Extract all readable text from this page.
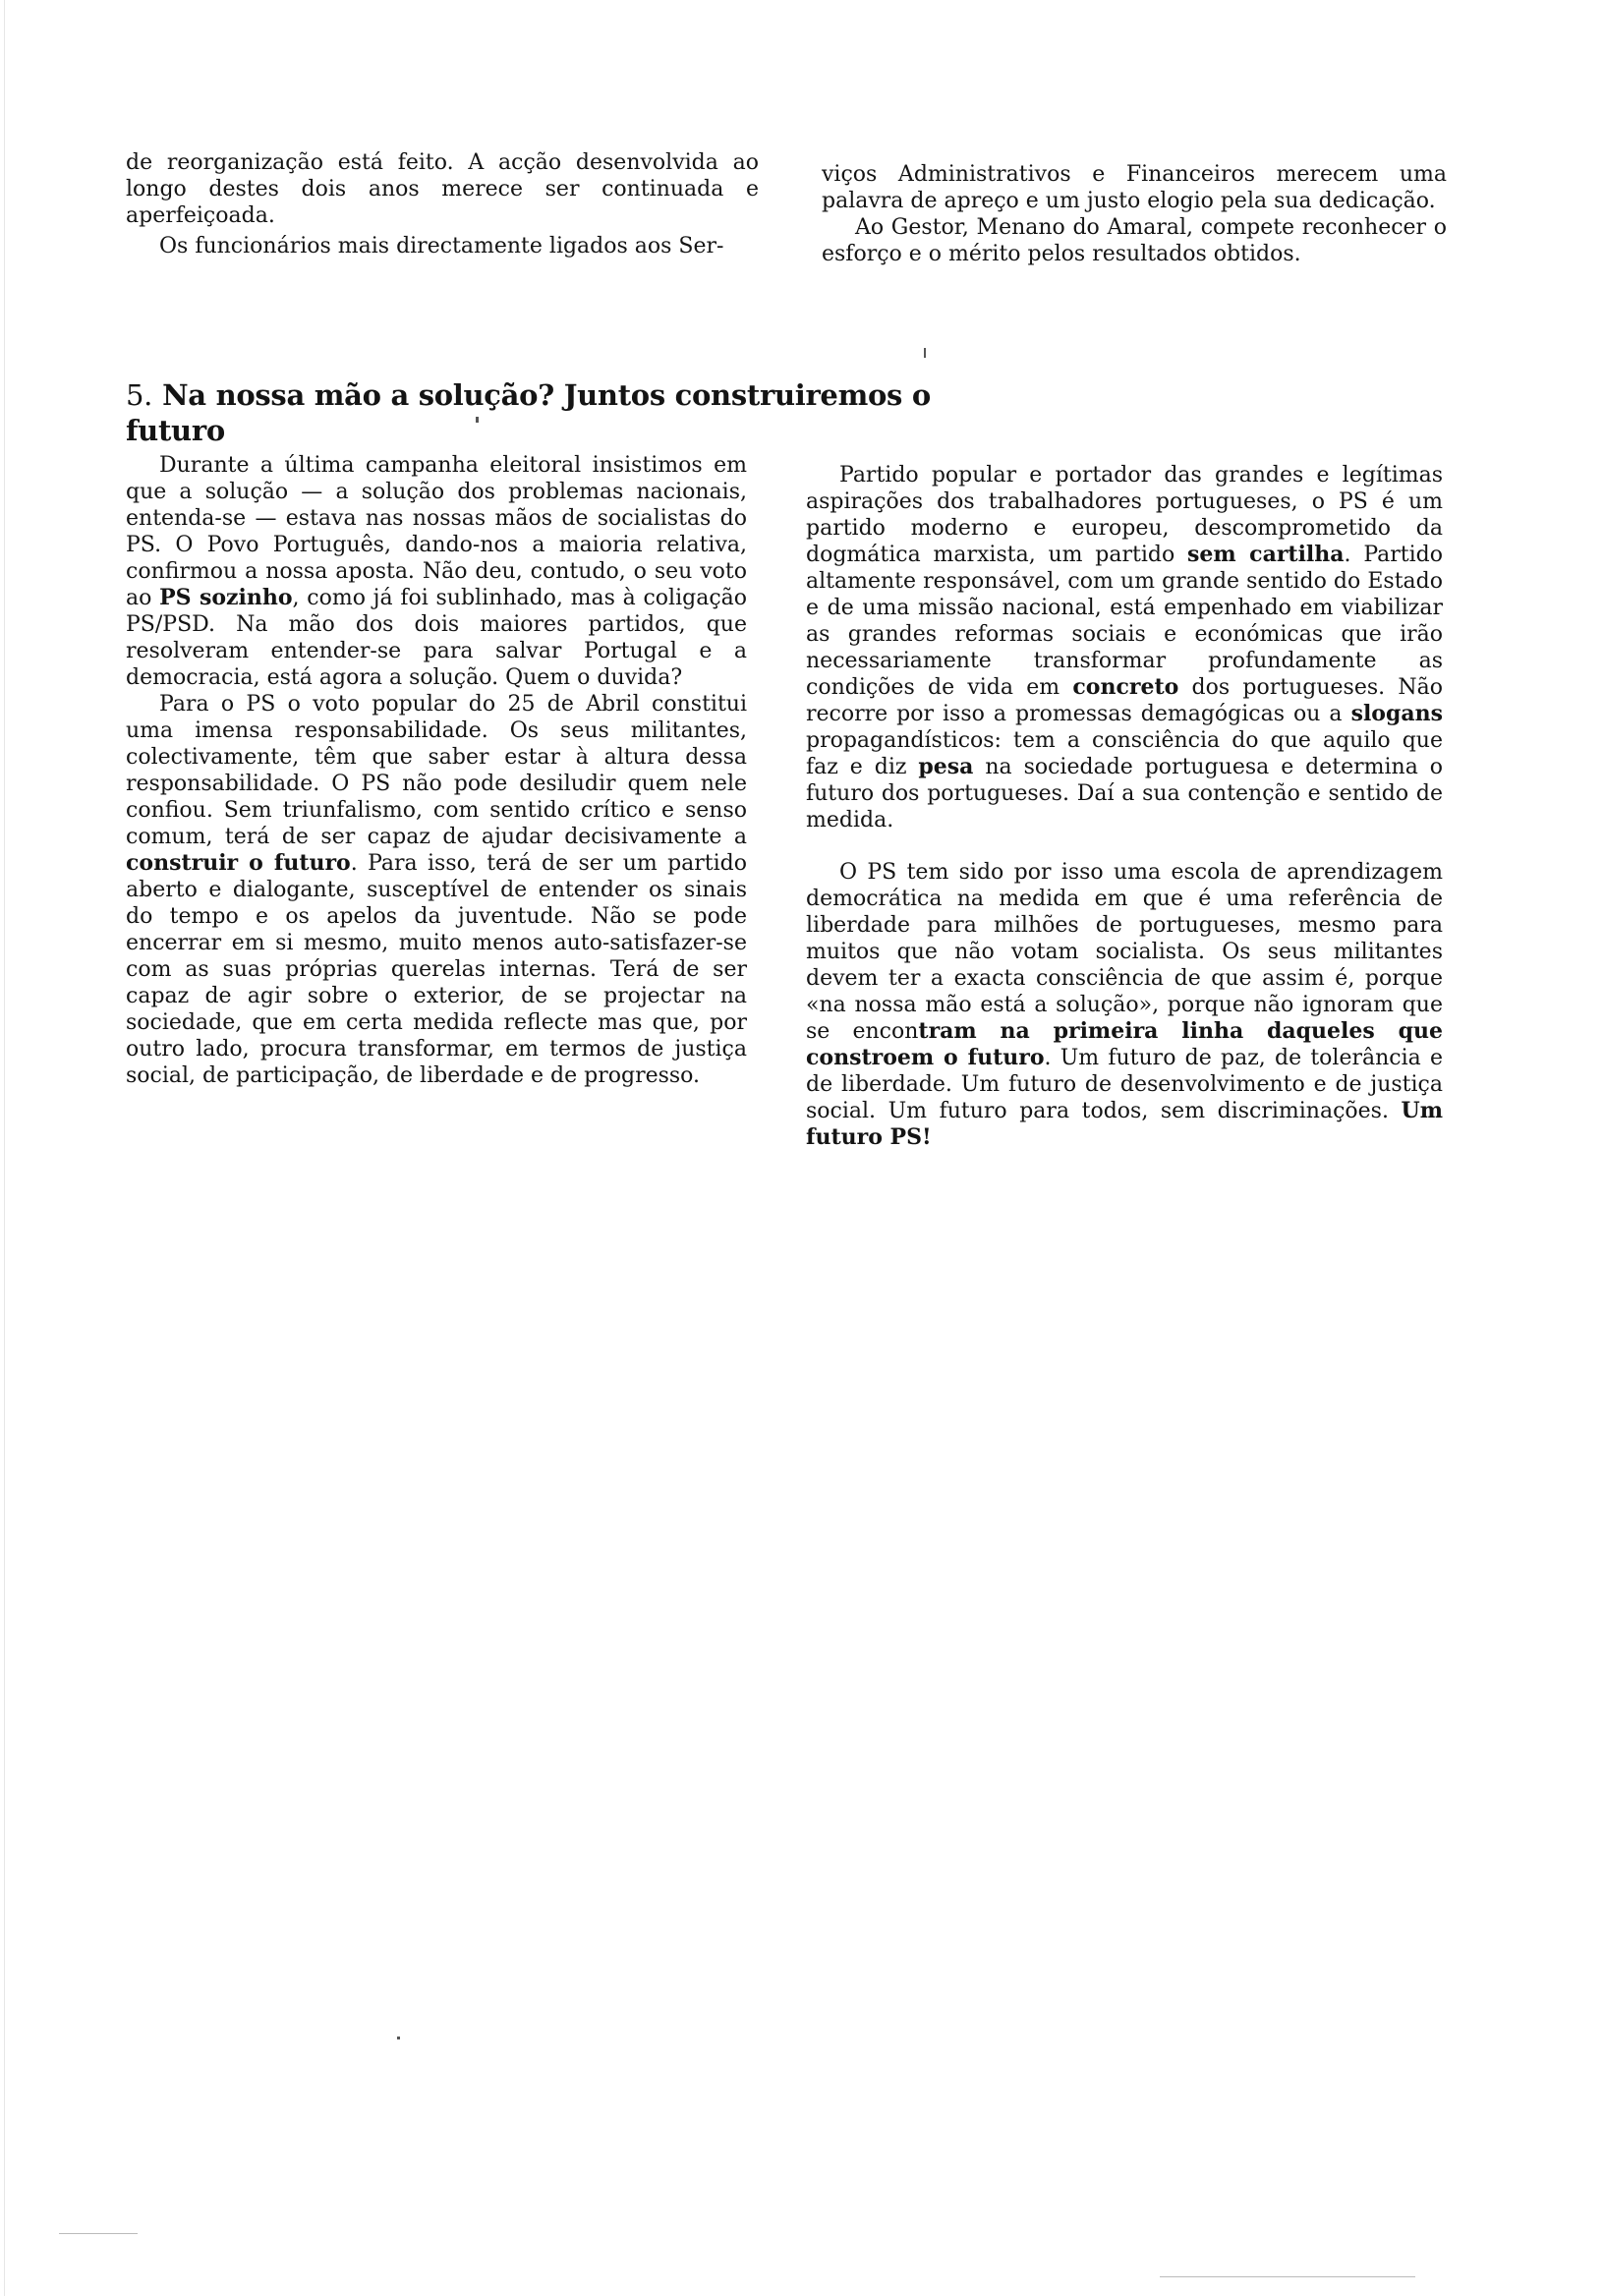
de reorganização está feito. A acção desenvolvida ao longo destes dois anos merece ser continuada e aperfeiçoada.

Os funcionários mais directamente ligados aos Ser-

viços Administrativos e Financeiros merecem uma palavra de apreço e um justo elogio pela sua dedicação.

Ao Gestor, Menano do Amaral, compete reconhecer o esforço e o mérito pelos resultados obtidos.

5. Na nossa mão a solução? Juntos construiremos o futuro

Durante a última campanha eleitoral insistimos em que a solução — a solução dos problemas nacionais, entenda-se — estava nas nossas mãos de socialistas do PS. O Povo Português, dando-nos a maioria relativa, confirmou a nossa aposta. Não deu, contudo, o seu voto ao PS sozinho, como já foi sublinhado, mas à coligação PS/PSD. Na mão dos dois maiores partidos, que resolveram entender-se para salvar Portugal e a democracia, está agora a solução. Quem o duvida?

Para o PS o voto popular do 25 de Abril constitui uma imensa responsabilidade. Os seus militantes, colectivamente, têm que saber estar à altura dessa responsabilidade. O PS não pode desiludir quem nele confiou. Sem triunfalismo, com sentido crítico e senso comum, terá de ser capaz de ajudar decisivamente a construir o futuro. Para isso, terá de ser um partido aberto e dialogante, susceptível de entender os sinais do tempo e os apelos da juventude. Não se pode encerrar em si mesmo, muito menos auto-satisfazer-se com as suas próprias querelas internas. Terá de ser capaz de agir sobre o exterior, de se projectar na sociedade, que em certa medida reflecte mas que, por outro lado, procura transformar, em termos de justiça social, de participação, de liberdade e de progresso.

Partido popular e portador das grandes e legítimas aspirações dos trabalhadores portugueses, o PS é um partido moderno e europeu, descomprometido da dogmática marxista, um partido sem cartilha. Partido altamente responsável, com um grande sentido do Estado e de uma missão nacional, está empenhado em viabilizar as grandes reformas sociais e económicas que irão necessariamente transformar profundamente as condições de vida em concreto dos portugueses. Não recorre por isso a promessas demagógicas ou a slogans propagandísticos: tem a consciência do que aquilo que faz e diz pesa na sociedade portuguesa e determina o futuro dos portugueses. Daí a sua contenção e sentido de medida.

O PS tem sido por isso uma escola de aprendizagem democrática na medida em que é uma referência de liberdade para milhões de portugueses, mesmo para muitos que não votam socialista. Os seus militantes devem ter a exacta consciência de que assim é, porque «na nossa mão está a solução», porque não ignoram que se encontram na primeira linha daqueles que constroem o futuro. Um futuro de paz, de tolerância e de liberdade. Um futuro de desenvolvimento e de justiça social. Um futuro para todos, sem discriminações. Um futuro PS!
